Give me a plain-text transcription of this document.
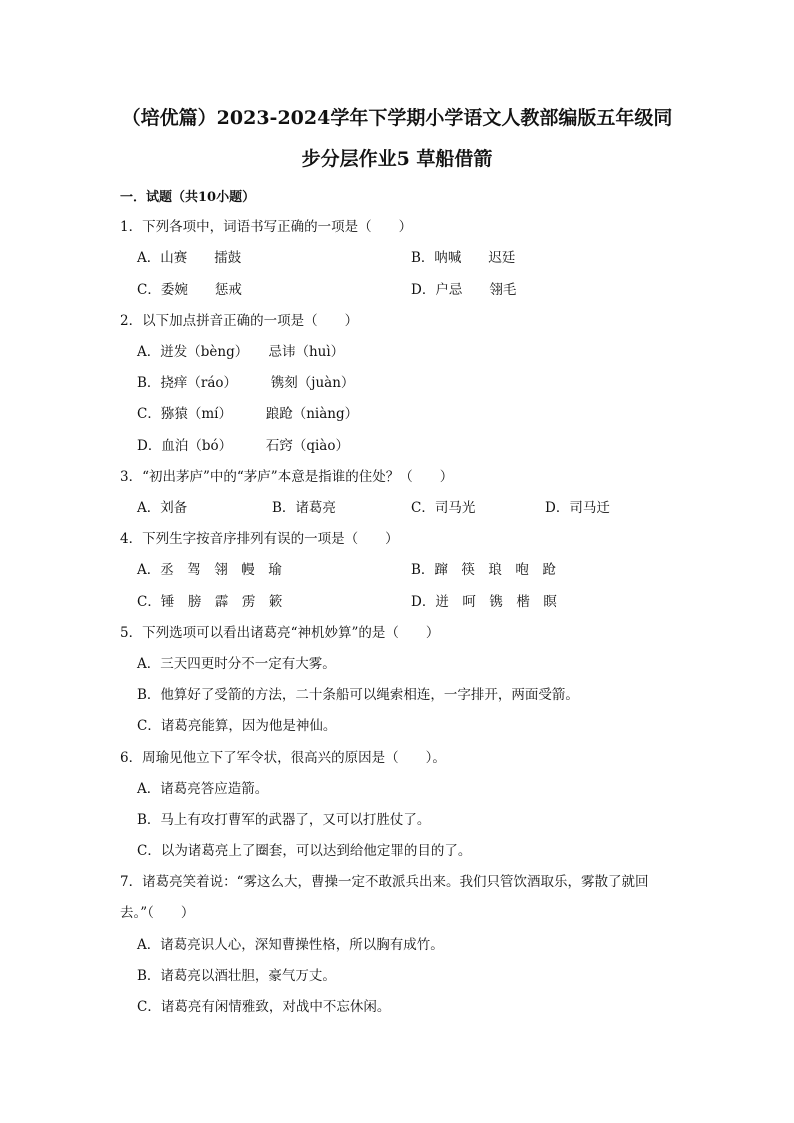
（培优篇）2023-2024学年下学期小学语文人教部编版五年级同
步分层作业5 草船借箭
一．试题（共10小题）
1．下列各项中，词语书写正确的一项是（　　）
A．山赛　　擂鼓	B．呐喊　　迟廷
C．委婉　　惩戒	D．户忌　　翎毛
2．以下加点拼音正确的一项是（　　）
A．迸发（bèng）　　忌讳（huì）
B．挠痒（ráo）　　　镌刻（juàn）
C．猕猿（mí）　　　踉跄（niàng）
D．血泊（bó）　　　石窍（qiào）
3．“初出茅庐”中的“茅庐”本意是指谁的住处？（　　）
A．刘备	B．诸葛亮	C．司马光	D．司马迁
4．下列生字按音序排列有误的一项是（　　）
A．丞　驾　翎　幔　瑜	B．蹿　筷　琅　咆　跄
C．锤　膀　霹　雳　簌	D．迸　呵　镌　楷　瞑
5．下列选项可以看出诸葛亮“神机妙算”的是（　　）
A．三天四更时分不一定有大雾。
B．他算好了受箭的方法，二十条船可以绳索相连，一字排开，两面受箭。
C．诸葛亮能算，因为他是神仙。
6．周瑜见他立下了军令状，很高兴的原因是（　　）。
A．诸葛亮答应造箭。
B．马上有攻打曹军的武器了，又可以打胜仗了。
C．以为诸葛亮上了圈套，可以达到给他定罪的目的了。
7．诸葛亮笑着说：“雾这么大，曹操一定不敢派兵出来。我们只管饮酒取乐，雾散了就回去。”（　　）
A．诸葛亮识人心，深知曹操性格，所以胸有成竹。
B．诸葛亮以酒壮胆，豪气万丈。
C．诸葛亮有闲情雅致，对战中不忘休闲。
